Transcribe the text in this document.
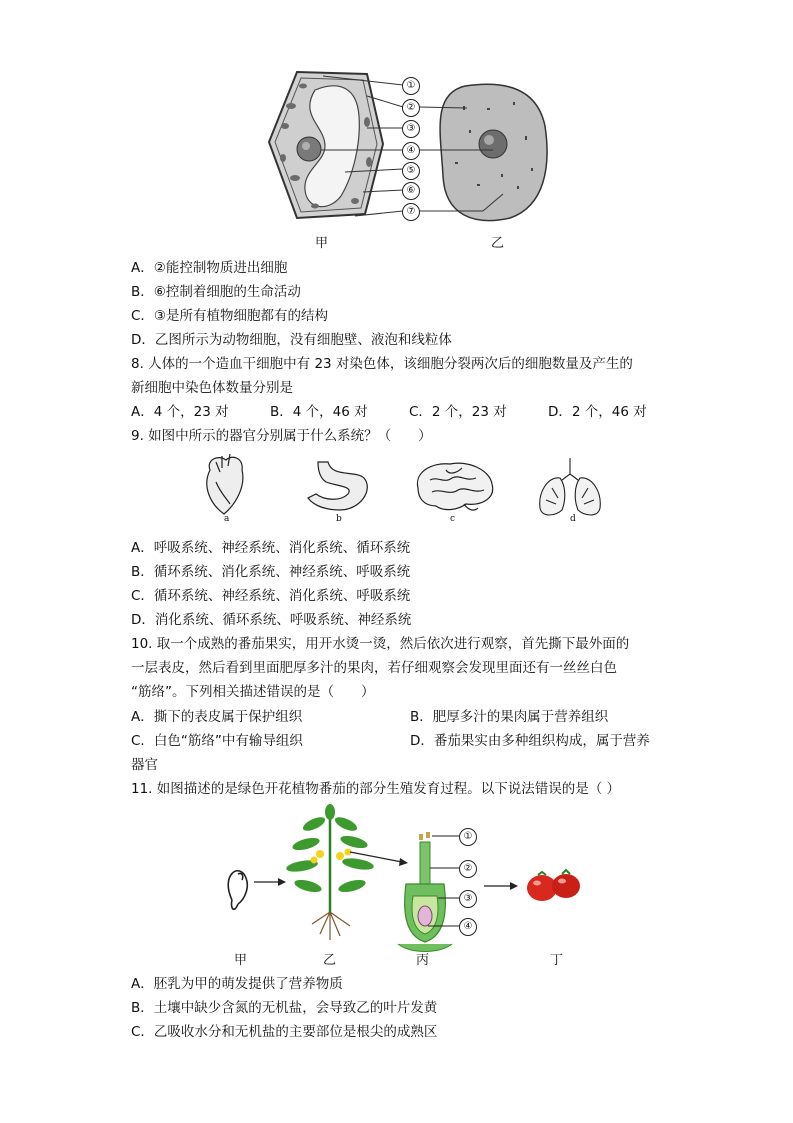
①
②
③
④
⑤
⑥
⑦
甲	乙
A．②能控制物质进出细胞
B．⑥控制着细胞的生命活动
C．③是所有植物细胞都有的结构
D．乙图所示为动物细胞，没有细胞壁、液泡和线粒体
8. 人体的一个造血干细胞中有 23 对染色体，该细胞分裂两次后的细胞数量及产生的
新细胞中染色体数量分别是
A．4 个，23 对	B．4 个，46 对	C．2 个，23 对	D．2 个，46 对
9. 如图中所示的器官分别属于什么系统？（　　）
a	b	c	d
A．呼吸系统、神经系统、消化系统、循环系统
B．循环系统、消化系统、神经系统、呼吸系统
C．循环系统、神经系统、消化系统、呼吸系统
D．消化系统、循环系统、呼吸系统、神经系统
10. 取一个成熟的番茄果实，用开水烫一烫，然后依次进行观察，首先撕下最外面的
一层表皮，然后看到里面肥厚多汁的果肉，若仔细观察会发现里面还有一丝丝白色
“筋络”。下列相关描述错误的是（　　）
A．撕下的表皮属于保护组织	B．肥厚多汁的果肉属于营养组织
C．白色“筋络”中有输导组织	D．番茄果实由多种组织构成，属于营养
器官
11. 如图描述的是绿色开花植物番茄的部分生殖发育过程。以下说法错误的是（ ）
①
②
③
④
甲	乙	丙	丁
A．胚乳为甲的萌发提供了营养物质
B．土壤中缺少含氮的无机盐，会导致乙的叶片发黄
C．乙吸收水分和无机盐的主要部位是根尖的成熟区
